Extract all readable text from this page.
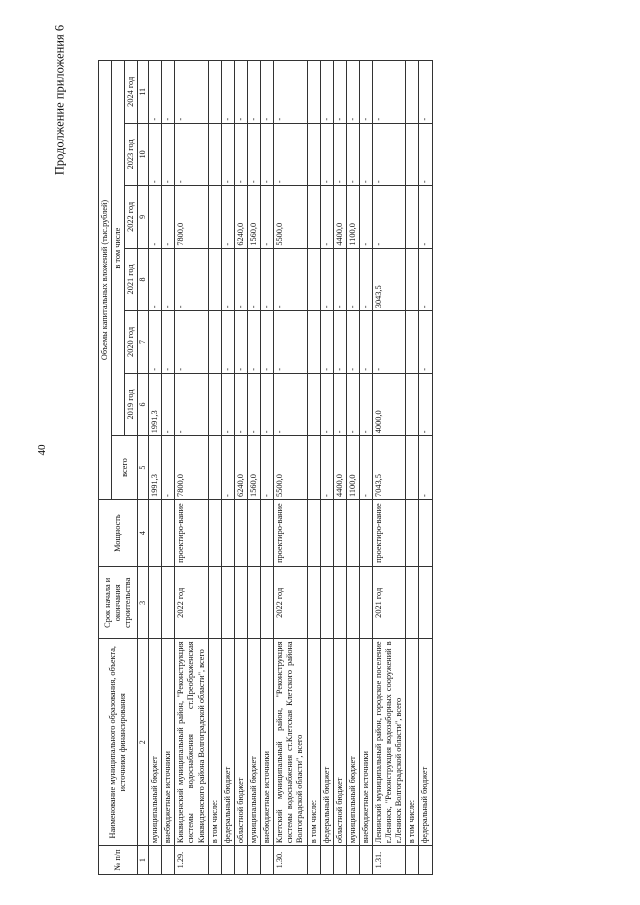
40
Продолжение приложения 6
№ п/п	Наименование муниципального образования, объекта, источники финансирования	Срок начала и окончания строительства	Мощность	Объемы капитальных вложений (тыс.рублей)						
				всего	в том числе					
					2019 год	2020 год	2021 год	2022 год	2023 год	2024 год
1	2	3	4	5	6	7	8	9	10	11
	муниципальный бюджет			1991,3	1991,3	-	-	-	-	-
	внебюджетные источники			-	-	-	-	-	-	-
1.29.	Киквидзенский муниципальный район, "Реконструкция системы водоснабжения ст.Преображенская Киквидзенского района Волгоградской области", всего	2022 год	проектиро-вание	7800,0	-	-	-	7800,0	-	-
	в том числе:									
	федеральный бюджет			-	-	-	-	-	-	-
	областной бюджет			6240,0	-	-	-	6240,0	-	-
	муниципальный бюджет			1560,0	-	-	-	1560,0	-	-
	внебюджетные источники			-	-	-	-	-	-	-
1.30.	Клетский муниципальный район, "Реконструкция системы водоснабжения ст.Клетская Клетского района Волгоградской области", всего	2022 год	проектиро-вание	5500,0	-	-	-	5500,0	-	-
	в том числе:									
	федеральный бюджет			-	-	-	-	-	-	-
	областной бюджет			4400,0	-	-	-	4400,0	-	-
	муниципальный бюджет			1100,0	-	-	-	1100,0	-	-
	внебюджетные источники			-	-	-	-	-	-	-
1.31.	Ленинский муниципальный район, городское поселение г.Ленинск, "Реконструкция водозаборных сооружений в г.Ленинск Волгоградской области", всего	2021 год	проектиро-вание	7043,5	4000,0	-	3043,5	-	-	-
	в том числе:									
	федеральный бюджет			-	-	-	-	-	-	-
